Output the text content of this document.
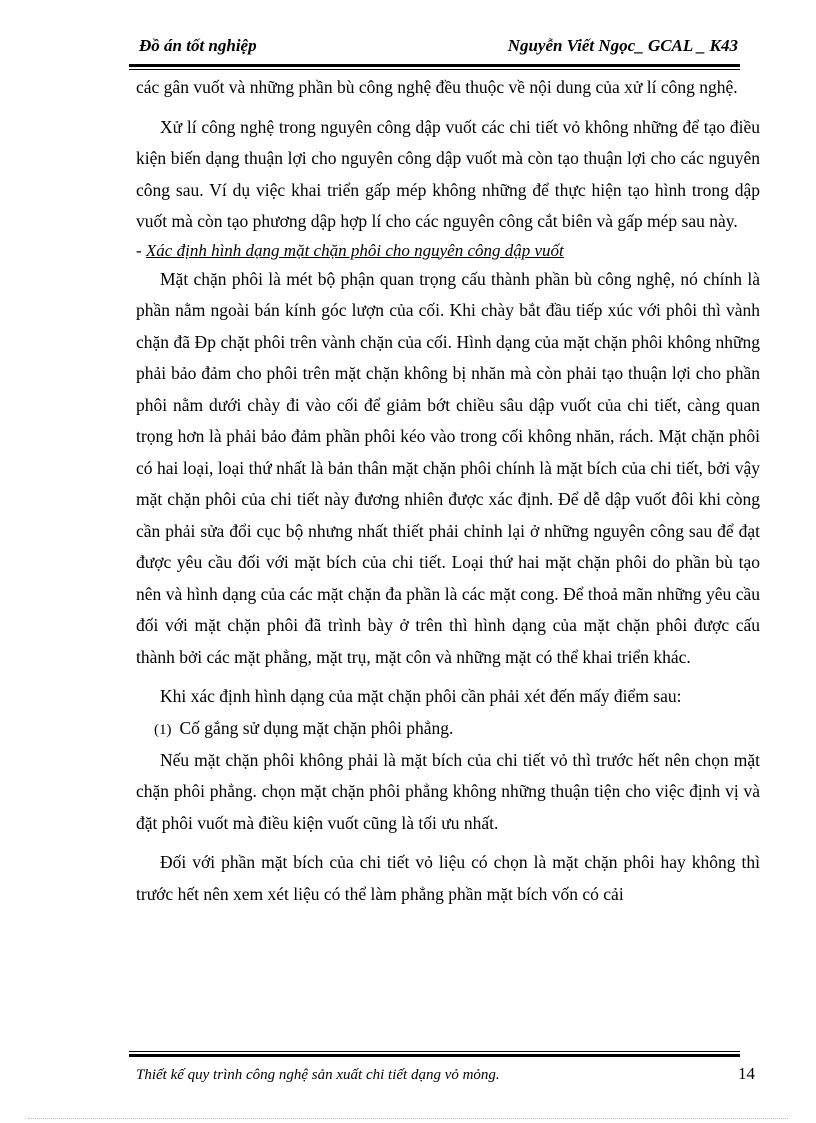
Đồ án tốt nghiệp	Nguyễn Viết Ngọc_ GCAL _ K43

các gân vuốt và những phần bù công nghệ đều thuộc về nội dung của xử lí công nghệ.

Xử lí công nghệ trong nguyên công dập vuốt các chi tiết vỏ không những để tạo điều kiện biến dạng thuận lợi cho nguyên công dập vuốt mà còn tạo thuận lợi cho các nguyên công sau. Ví dụ việc khai triển gấp mép không những để thực hiện tạo hình trong dập vuốt mà còn tạo phương dập hợp lí cho các nguyên công cắt biên và gấp mép sau này.

- Xác định hình dạng mặt chặn phôi cho nguyên công dập vuốt

Mặt chặn phôi là mét bộ phận quan trọng cấu thành phần bù công nghệ, nó chính là phần nằm ngoài bán kính góc lượn của cối. Khi chày bắt đầu tiếp xúc với phôi thì vành chặn đã Đp chặt phôi trên vành chặn của cối. Hình dạng của mặt chặn phôi không những phải bảo đảm cho phôi trên mặt chặn không bị nhăn mà còn phải tạo thuận lợi cho phần phôi nằm dưới chày đi vào cối để giảm bớt chiều sâu dập vuốt của chi tiết, càng quan trọng hơn là phải bảo đảm phần phôi kéo vào trong cối không nhăn, rách. Mặt chặn phôi có hai loại, loại thứ nhất là bản thân mặt chặn phôi chính là mặt bích của chi tiết, bởi vậy mặt chặn phôi của chi tiết này đương nhiên được xác định. Để dễ dập vuốt đôi khi còng cần phải sửa đổi cục bộ nhưng nhất thiết phải chỉnh lại ở những nguyên công sau để đạt được yêu cầu đối với mặt bích của chi tiết. Loại thứ hai mặt chặn phôi do phần bù tạo nên và hình dạng của các mặt chặn đa phần là các mặt cong. Để thoả mãn những yêu cầu đối với mặt chặn phôi đã trình bày ở trên thì hình dạng của mặt chặn phôi được cấu thành bởi các mặt phẳng, mặt trụ, mặt côn và những mặt có thể khai triển khác.

Khi xác định hình dạng của mặt chặn phôi cần phải xét đến mấy điểm sau:

(1) Cố gắng sử dụng mặt chặn phôi phẳng.

Nếu mặt chặn phôi không phải là mặt bích của chi tiết vỏ thì trước hết nên chọn mặt chặn phôi phẳng. chọn mặt chặn phôi phẳng không những thuận tiện cho việc định vị và đặt phôi vuốt mà điều kiện vuốt cũng là tối ưu nhất.

Đối với phần mặt bích của chi tiết vỏ liệu có chọn là mặt chặn phôi hay không thì trước hết nên xem xét liệu có thể làm phẳng phần mặt bích vốn có cải

Thiết kế quy trình công nghệ sản xuất chi tiết dạng vỏ mỏng.	14
